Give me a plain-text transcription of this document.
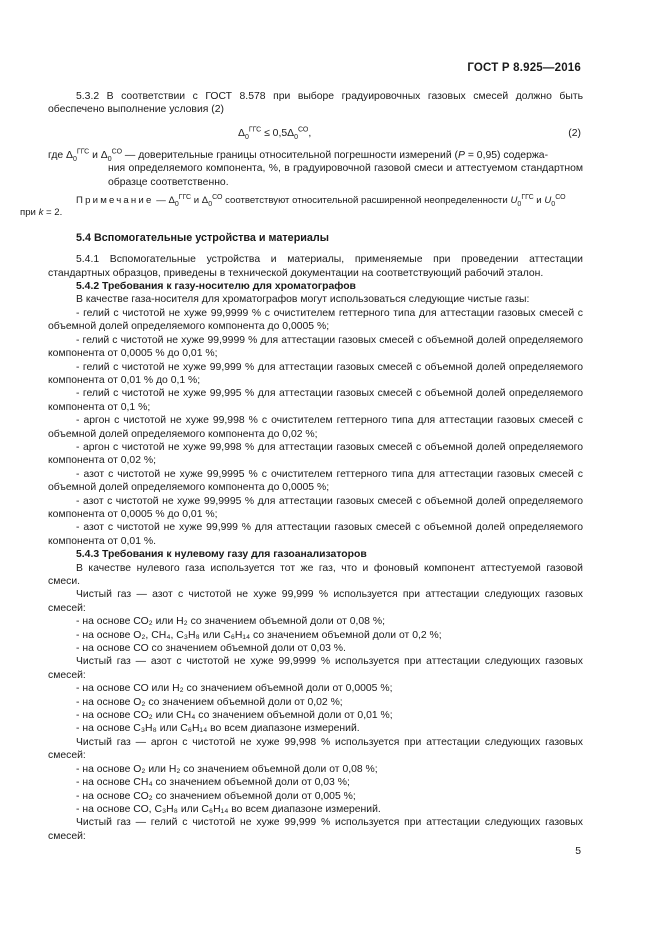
ГОСТ Р 8.925—2016

5.3.2 В соответствии с ГОСТ 8.578 при выборе градуировочных газовых смесей должно быть обеспечено выполнение условия (2)

$\Delta_0^{ГГС} \le 0,5\Delta_0^{СО}$,	(2)

где $\Delta_0^{ГГС}$ и $\Delta_0^{СО}$ — доверительные границы относительной погрешности измерений (Р = 0,95) содержа-

ния определяемого компонента, %, в градуировочной газовой смеси и аттестуемом стандартном образце соответственно.

Примечание — $\Delta_0^{ГГС}$ и $\Delta_0^{СО}$ соответствуют относительной расширенной неопределенности $U_0^{ГГС}$ и $U_0^{СО}$
при k = 2.

5.4 Вспомогательные устройства и материалы

5.4.1 Вспомогательные устройства и материалы, применяемые при проведении аттестации стандартных образцов, приведены в технической документации на соответствующий рабочий эталон.

5.4.2 Требования к газу-носителю для хроматографов

В качестве газа-носителя для хроматографов могут использоваться следующие чистые газы:

- гелий с чистотой не хуже 99,9999 % с очистителем геттерного типа для аттестации газовых смесей с объемной долей определяемого компонента до 0,0005 %;

- гелий с чистотой не хуже 99,9999 % для аттестации газовых смесей с объемной долей определяемого компонента от 0,0005 % до 0,01 %;

- гелий с чистотой не хуже 99,999 % для аттестации газовых смесей с объемной долей определяемого компонента от 0,01 % до 0,1 %;

- гелий с чистотой не хуже 99,995 % для аттестации газовых смесей с объемной долей определяемого компонента от 0,1 %;

- аргон с чистотой не хуже 99,998 % с очистителем геттерного типа для аттестации газовых смесей с объемной долей определяемого компонента до 0,02 %;

- аргон с чистотой не хуже 99,998 % для аттестации газовых смесей с объемной долей определяемого компонента от 0,02 %;

- азот с чистотой не хуже 99,9995 % с очистителем геттерного типа для аттестации газовых смесей с объемной долей определяемого компонента до 0,0005 %;

- азот с чистотой не хуже 99,9995 % для аттестации газовых смесей с объемной долей определяемого компонента от 0,0005 % до 0,01 %;

- азот с чистотой не хуже 99,999 % для аттестации газовых смесей с объемной долей определяемого компонента от 0,01 %.

5.4.3 Требования к нулевому газу для газоанализаторов

В качестве нулевого газа используется тот же газ, что и фоновый компонент аттестуемой газовой смеси.

Чистый газ — азот с чистотой не хуже 99,999 % используется при аттестации следующих газовых смесей:

- на основе СО₂ или Н₂ со значением объемной доли от 0,08 %;

- на основе О₂, СН₄, С₃Н₈ или С₆Н₁₄ со значением объемной доли от 0,2 %;

- на основе СО со значением объемной доли от 0,03 %.

Чистый газ — азот с чистотой не хуже 99,9999 % используется при аттестации следующих газовых смесей:

- на основе СО или Н₂ со значением объемной доли от 0,0005 %;

- на основе О₂ со значением объемной доли от 0,02 %;

- на основе СО₂ или СН₄ со значением объемной доли от 0,01 %;

- на основе С₃Н₈ или С₆Н₁₄ во всем диапазоне измерений.

Чистый газ — аргон с чистотой не хуже 99,998 % используется при аттестации следующих газовых смесей:

- на основе О₂ или Н₂ со значением объемной доли от 0,08 %;

- на основе СН₄ со значением объемной доли от 0,03 %;

- на основе СО₂ со значением объемной доли от 0,005 %;

- на основе СО, С₃Н₈ или С₆Н₁₄ во всем диапазоне измерений.

Чистый газ — гелий с чистотой не хуже 99,999 % используется при аттестации следующих газовых смесей:

5
